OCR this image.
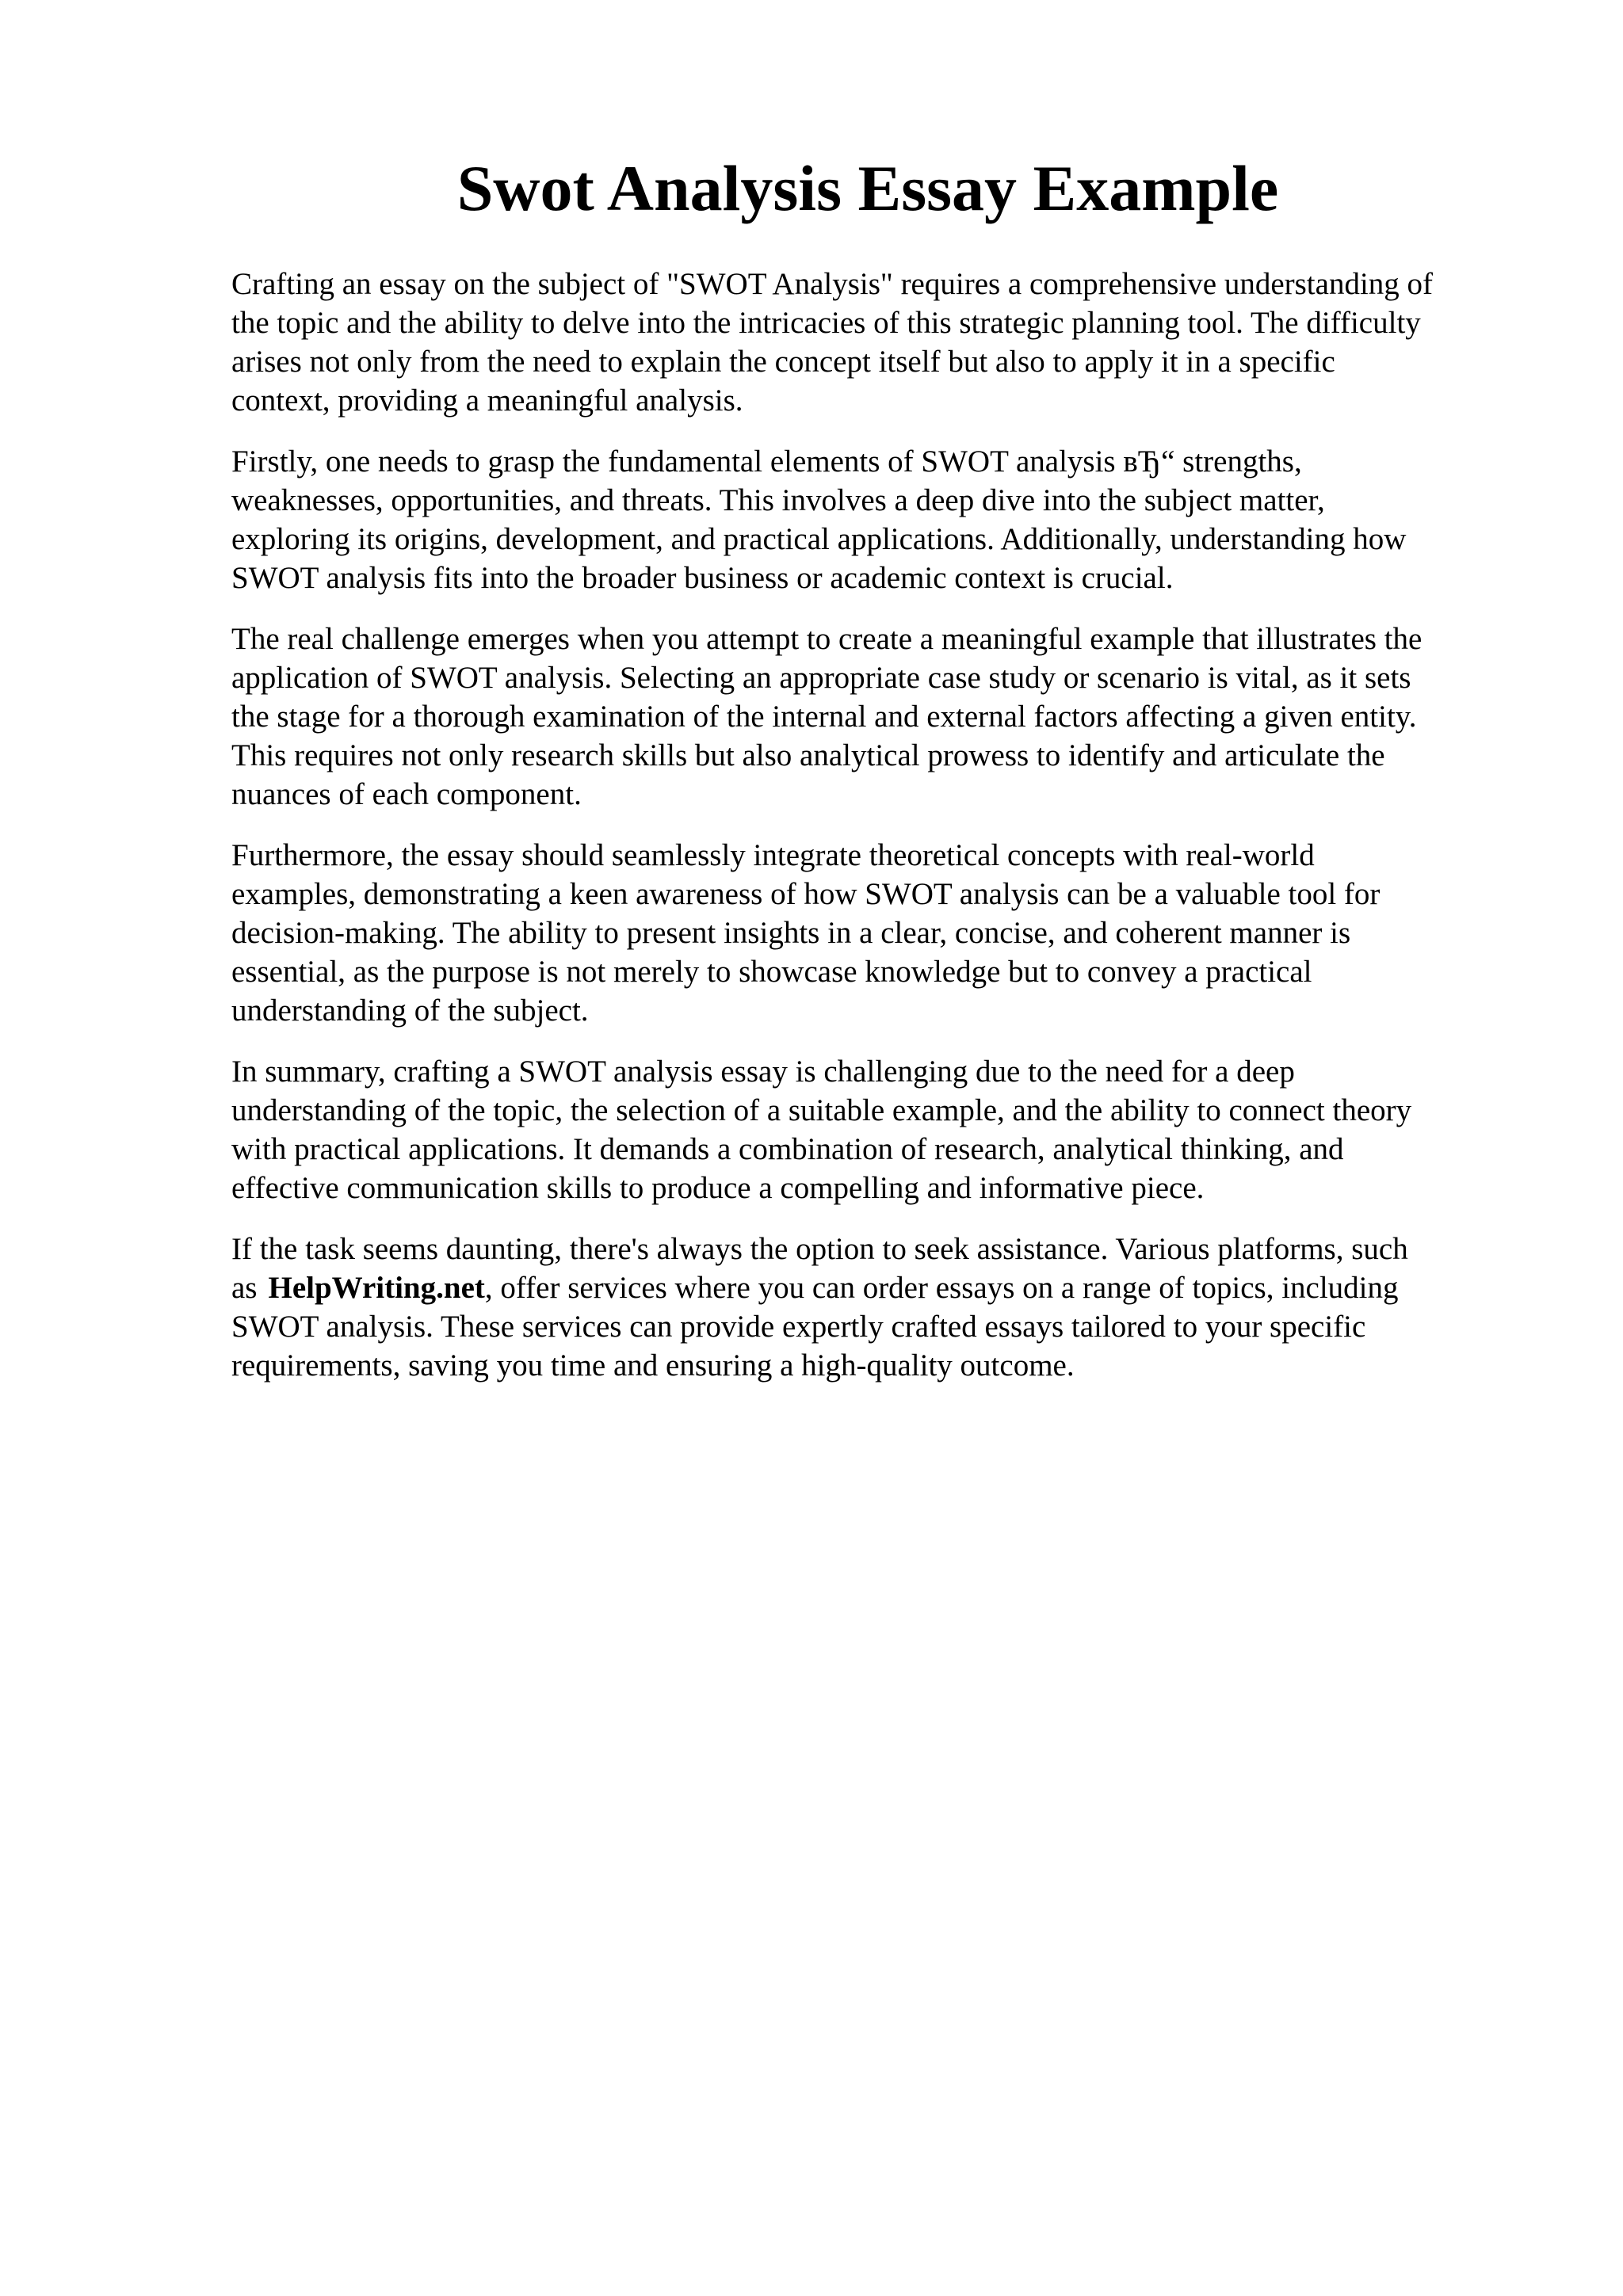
Swot Analysis Essay Example

Crafting an essay on the subject of "SWOT Analysis" requires a comprehensive understanding of
the topic and the ability to delve into the intricacies of this strategic planning tool. The difficulty
arises not only from the need to explain the concept itself but also to apply it in a specific
context, providing a meaningful analysis.

Firstly, one needs to grasp the fundamental elements of SWOT analysis вЂ“ strengths,
weaknesses, opportunities, and threats. This involves a deep dive into the subject matter,
exploring its origins, development, and practical applications. Additionally, understanding how
SWOT analysis fits into the broader business or academic context is crucial.

The real challenge emerges when you attempt to create a meaningful example that illustrates the
application of SWOT analysis. Selecting an appropriate case study or scenario is vital, as it sets
the stage for a thorough examination of the internal and external factors affecting a given entity.
This requires not only research skills but also analytical prowess to identify and articulate the
nuances of each component.

Furthermore, the essay should seamlessly integrate theoretical concepts with real-world
examples, demonstrating a keen awareness of how SWOT analysis can be a valuable tool for
decision-making. The ability to present insights in a clear, concise, and coherent manner is
essential, as the purpose is not merely to showcase knowledge but to convey a practical
understanding of the subject.

In summary, crafting a SWOT analysis essay is challenging due to the need for a deep
understanding of the topic, the selection of a suitable example, and the ability to connect theory
with practical applications. It demands a combination of research, analytical thinking, and
effective communication skills to produce a compelling and informative piece.

If the task seems daunting, there's always the option to seek assistance. Various platforms, such
as HelpWriting.net, offer services where you can order essays on a range of topics, including
SWOT analysis. These services can provide expertly crafted essays tailored to your specific
requirements, saving you time and ensuring a high-quality outcome.
